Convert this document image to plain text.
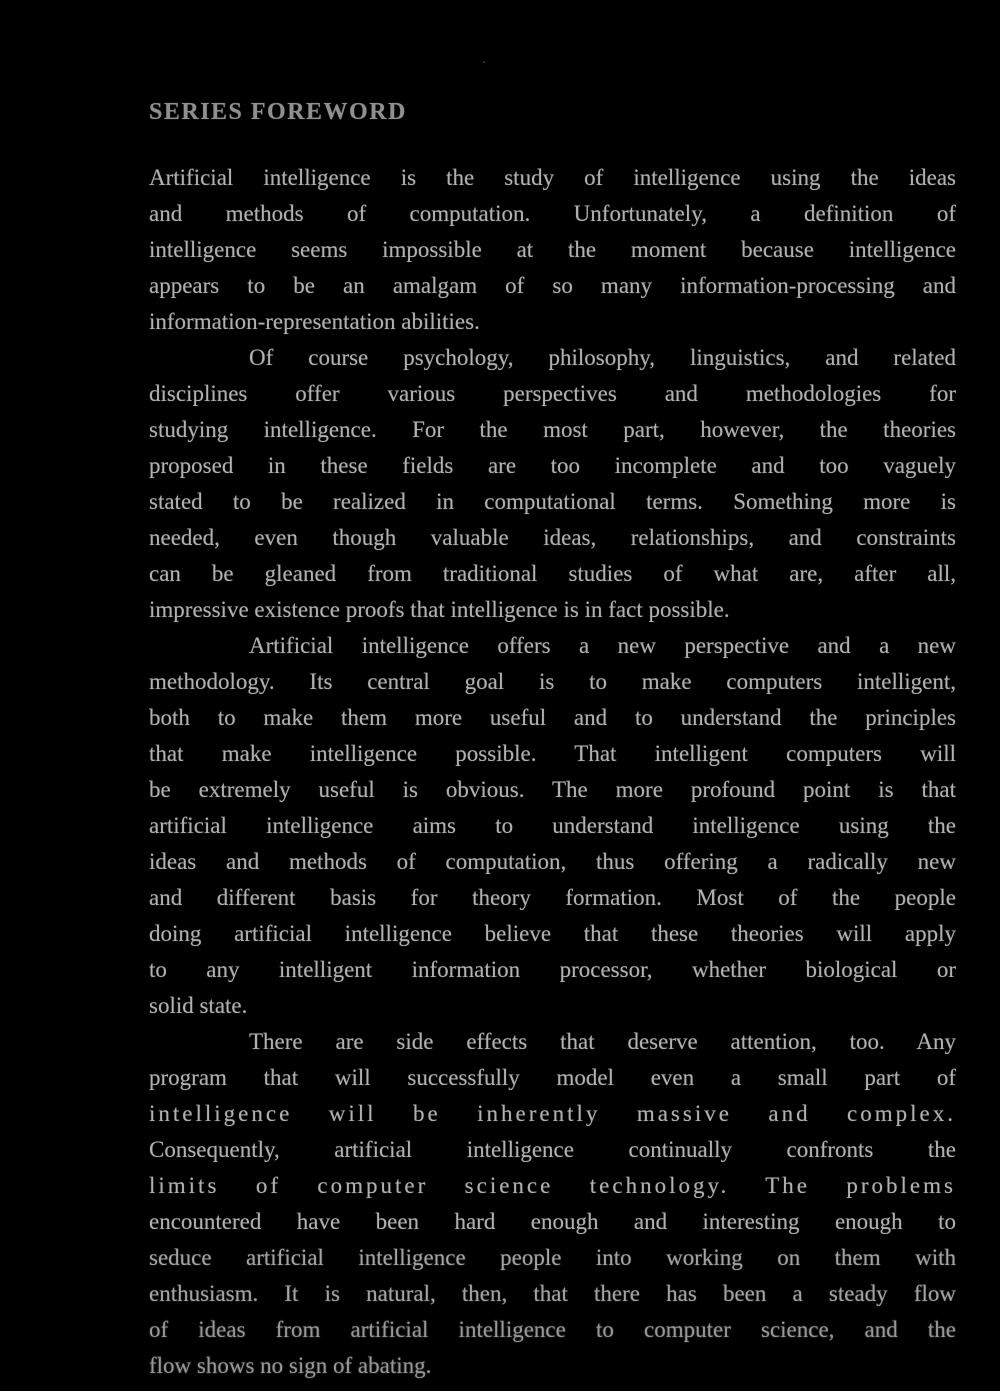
SERIES FOREWORD
Artificial intelligence is the study of intelligence using the ideas
and methods of computation. Unfortunately, a definition of
intelligence seems impossible at the moment because intelligence
appears to be an amalgam of so many information-processing and
information-representation abilities.
Of course psychology, philosophy, linguistics, and related
disciplines offer various perspectives and methodologies for
studying intelligence. For the most part, however, the theories
proposed in these fields are too incomplete and too vaguely
stated to be realized in computational terms. Something more is
needed, even though valuable ideas, relationships, and constraints
can be gleaned from traditional studies of what are, after all,
impressive existence proofs that intelligence is in fact possible.
Artificial intelligence offers a new perspective and a new
methodology. Its central goal is to make computers intelligent,
both to make them more useful and to understand the principles
that make intelligence possible. That intelligent computers will
be extremely useful is obvious. The more profound point is that
artificial intelligence aims to understand intelligence using the
ideas and methods of computation, thus offering a radically new
and different basis for theory formation. Most of the people
doing artificial intelligence believe that these theories will apply
to any intelligent information processor, whether biological or
solid state.
There are side effects that deserve attention, too. Any
program that will successfully model even a small part of
intelligence will be inherently massive and complex.
Consequently, artificial intelligence continually confronts the
limits of computer science technology. The problems
encountered have been hard enough and interesting enough to
seduce artificial intelligence people into working on them with
enthusiasm. It is natural, then, that there has been a steady flow
of ideas from artificial intelligence to computer science, and the
flow shows no sign of abating.
